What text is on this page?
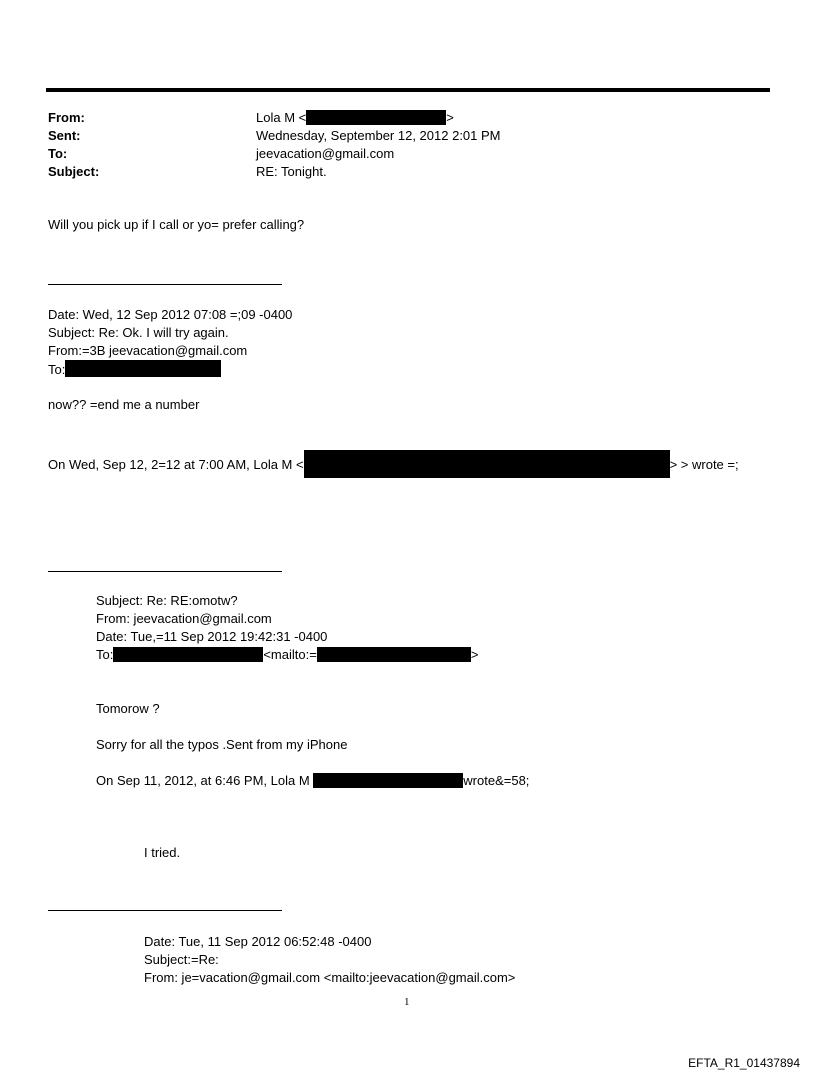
From:	Lola M <	>
Sent:	Wednesday, September 12, 2012 2:01 PM
To:	jeevacation@gmail.com
Subject:	RE: Tonight.
Will you pick up if I call or yo= prefer calling?
Date: Wed, 12 Sep 2012 07:08 =;09 -0400
Subject: Re: Ok. I will try again.
From:=3B jeevacation@gmail.com
To:
now?? =end me a number
On Wed, Sep 12, 2=12 at 7:00 AM, Lola M <	> > wrote =;
Subject: Re: RE:omotw?
From: jeevacation@gmail.com
Date: Tue,=11 Sep 2012 19:42:31 -0400
To:	<mailto:=	>
Tomorow ?
Sorry for all the typos .Sent from my iPhone
On Sep 11, 2012, at 6:46 PM, Lola M	wrote&=58;
I tried.
Date: Tue, 11 Sep 2012 06:52:48 -0400
Subject:=Re:
From: je=vacation@gmail.com <mailto:jeevacation@gmail.com>
1
EFTA_R1_01437894
